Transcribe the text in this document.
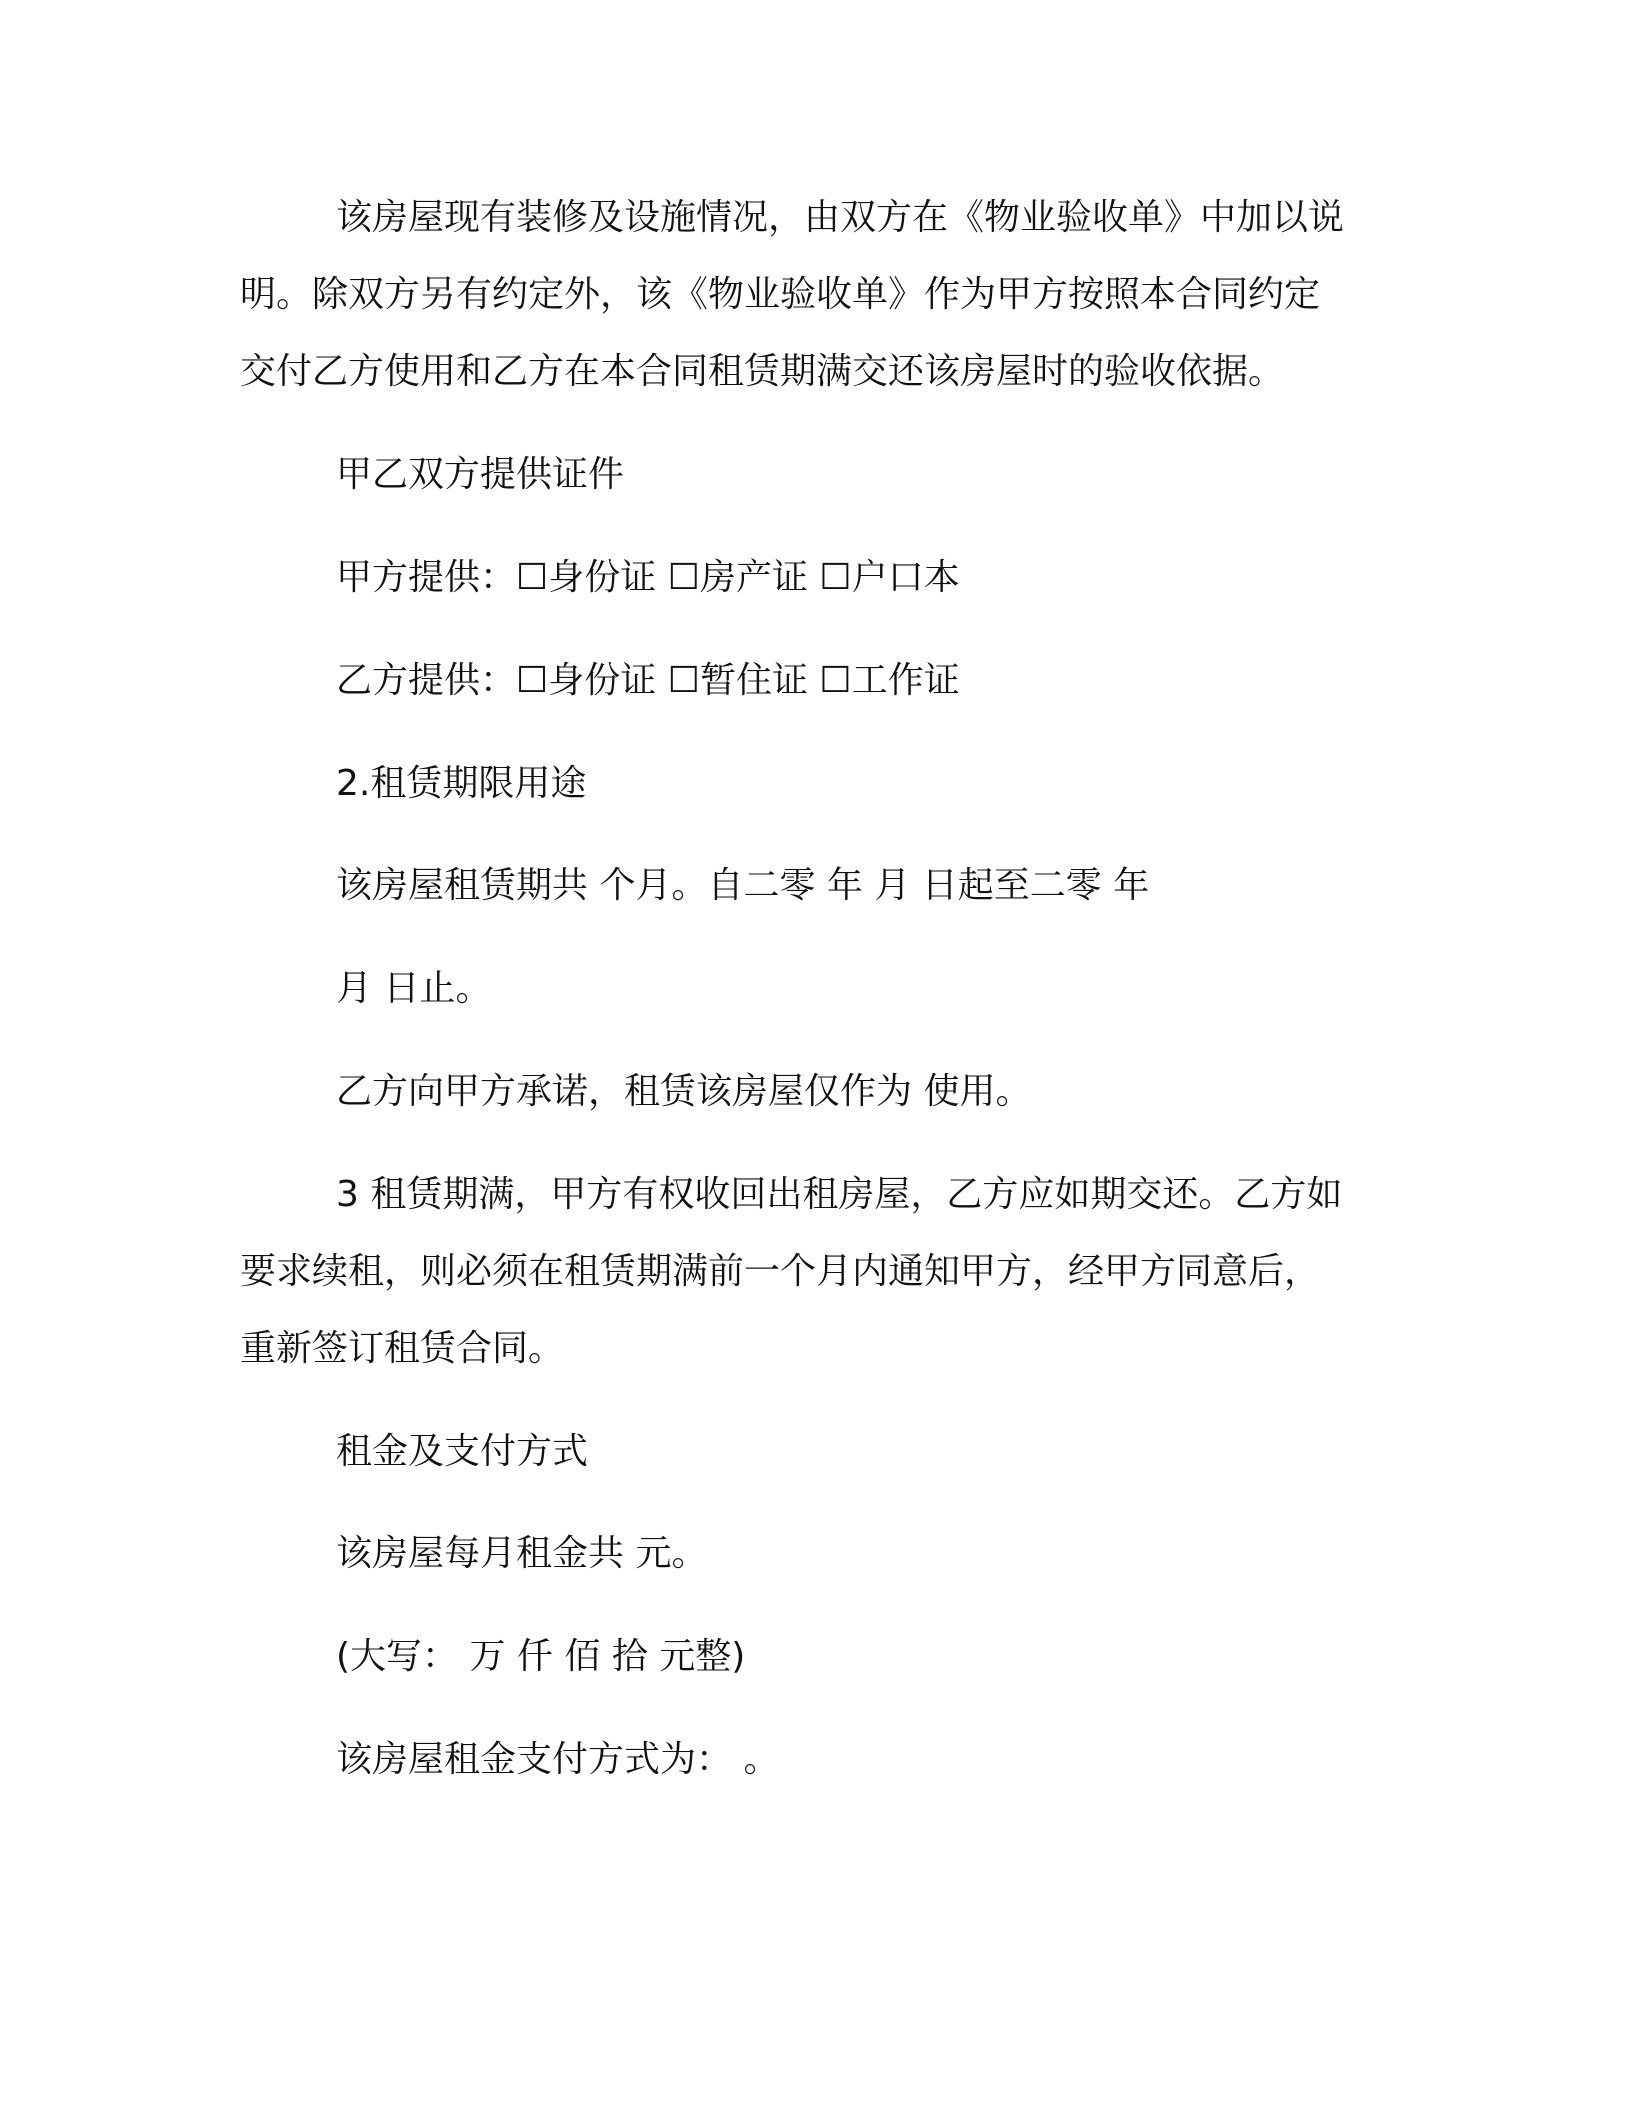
该房屋现有装修及设施情况，由双方在《物业验收单》中加以说
明。除双方另有约定外，该《物业验收单》作为甲方按照本合同约定
交付乙方使用和乙方在本合同租赁期满交还该房屋时的验收依据。
甲乙双方提供证件
甲方提供：☐身份证 ☐房产证 ☐户口本
乙方提供：☐身份证 ☐暂住证 ☐工作证
2.租赁期限用途
该房屋租赁期共 个月。自二零 年 月 日起至二零 年
月 日止。
乙方向甲方承诺，租赁该房屋仅作为 使用。
3 租赁期满，甲方有权收回出租房屋，乙方应如期交还。乙方如
要求续租，则必须在租赁期满前一个月内通知甲方，经甲方同意后，
重新签订租赁合同。
租金及支付方式
该房屋每月租金共 元。
(大写： 万 仟 佰 拾 元整)
该房屋租金支付方式为： 。
